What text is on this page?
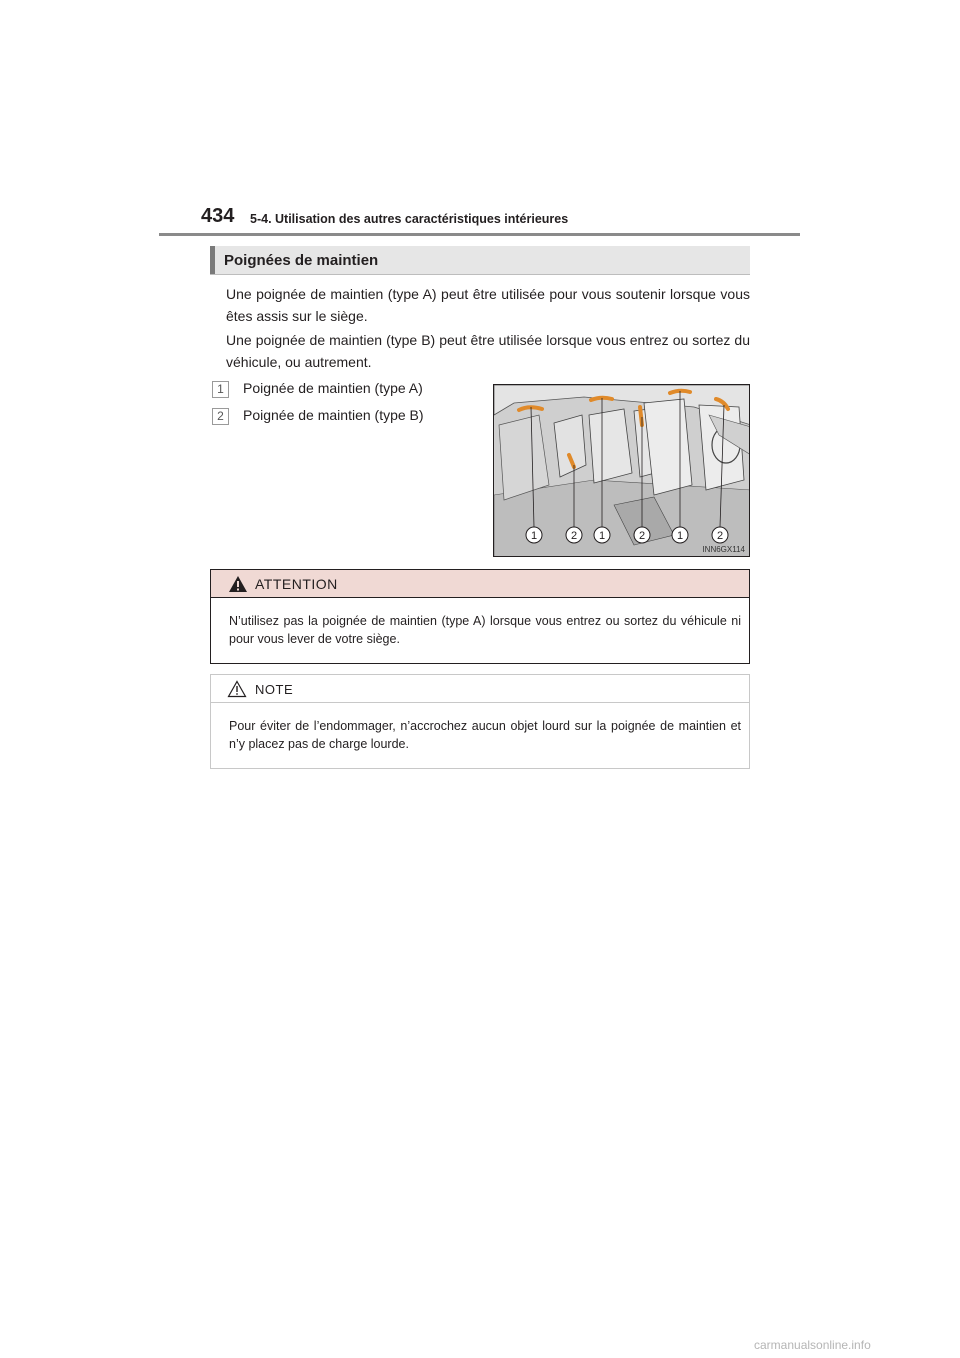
434 5-4. Utilisation des autres caractéristiques intérieures
Poignées de maintien

Une poignée de maintien (type A) peut être utilisée pour vous soutenir lorsque vous êtes assis sur le siège.

Une poignée de maintien (type B) peut être utilisée lorsque vous entrez ou sortez du véhicule, ou autrement.

1	Poignée de maintien (type A)
2	Poignée de maintien (type B)
1	2 1	2	1	2
INN6GX114
ATTENTION

N’utilisez pas la poignée de maintien (type A) lorsque vous entrez ou sortez du véhicule ni pour vous lever de votre siège.

NOTE

Pour éviter de l’endommager, n’accrochez aucun objet lourd sur la poignée de maintien et n’y placez pas de charge lourde.

carmanualsonline.info
